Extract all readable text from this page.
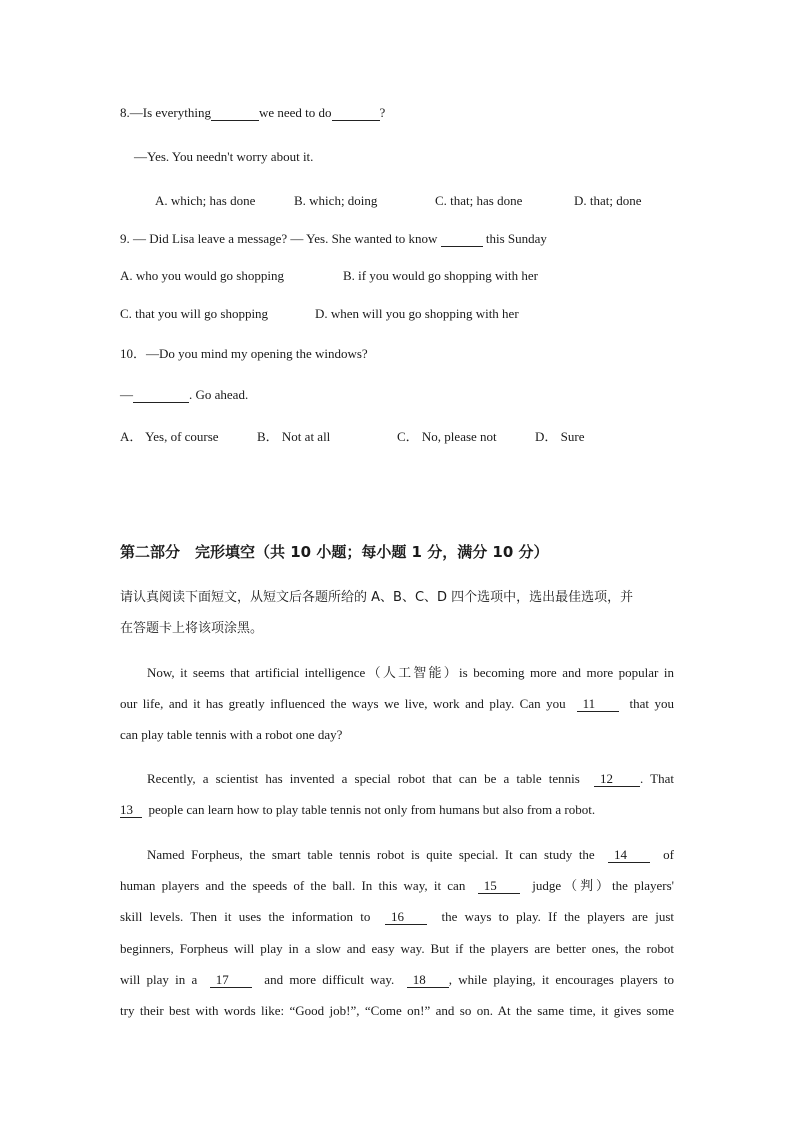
8.—Is everything	we need to do	?
—Yes. You needn't worry about it.
A. which; has done	B. which; doing	C. that; has done	D. that; done
9. — Did Lisa leave a message? — Yes. She wanted to know	this Sunday
A. who you would go shopping	B. if you would go shopping with her
C. that you will go shopping	D. when will you go shopping with her
10．—Do you mind my opening the windows?
—	. Go ahead.
A． Yes, of course	B． Not at all	C． No, please not	D． Sure
第二部分　完形填空（共 10 小题；每小题 1 分，满分 10 分）
请认真阅读下面短文，从短文后各题所给的 A、B、C、D 四个选项中，选出最佳选项，并
在答题卡上将该项涂黑。
Now, it seems that artificial intelligence（人工智能）is becoming more and more popular in
our life, and it has greatly influenced the ways we live, work and play. Can you 11	that you
can play table tennis with a robot one day?
Recently, a scientist has invented a special robot that can be a table tennis 12 . That
13 people can learn how to play table tennis not only from humans but also from a robot.
Named Forpheus, the smart table tennis robot is quite special. It can study the 14	of
human players and the speeds of the ball. In this way, it can 15	judge（判）the players'
skill levels. Then it uses the information to 16	the ways to play. If the players are just
beginners, Forpheus will play in a slow and easy way. But if the players are better ones, the robot
will play in a 17	and more difficult way. 18 , while playing, it encourages players to
try their best with words like: “Good job!”, “Come on!” and so on. At the same time, it gives some
